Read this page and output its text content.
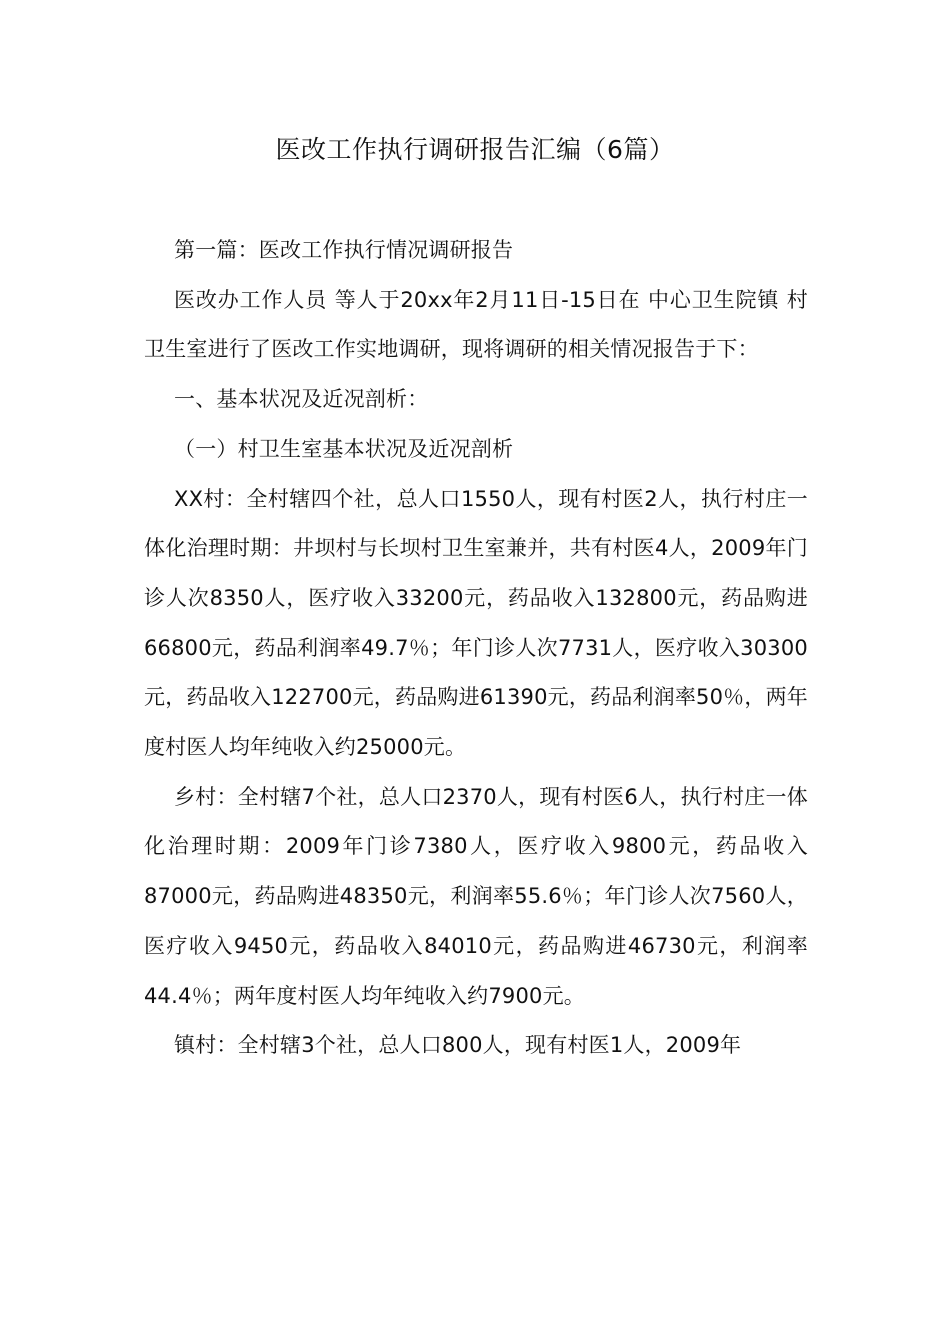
医改工作执行调研报告汇编（6篇）

第一篇：医改工作执行情况调研报告

医改办工作人员 等人于20xx年2月11日-15日在 中心卫生院镇 村卫生室进行了医改工作实地调研，现将调研的相关情况报告于下：

一、基本状况及近况剖析：

（一）村卫生室基本状况及近况剖析

XX村：全村辖四个社，总人口1550人，现有村医2人，执行村庄一体化治理时期：井坝村与长坝村卫生室兼并，共有村医4人，2009年门诊人次8350人，医疗收入33200元，药品收入132800元，药品购进66800元，药品利润率49.7％；年门诊人次7731人，医疗收入30300元，药品收入122700元，药品购进61390元，药品利润率50％，两年度村医人均年纯收入约25000元。

乡村：全村辖7个社，总人口2370人，现有村医6人，执行村庄一体化治理时期：2009年门诊7380人，医疗收入9800元，药品收入87000元，药品购进48350元，利润率55.6％；年门诊人次7560人，医疗收入9450元，药品收入84010元，药品购进46730元，利润率44.4％；两年度村医人均年纯收入约7900元。

镇村：全村辖3个社，总人口800人，现有村医1人，2009年
